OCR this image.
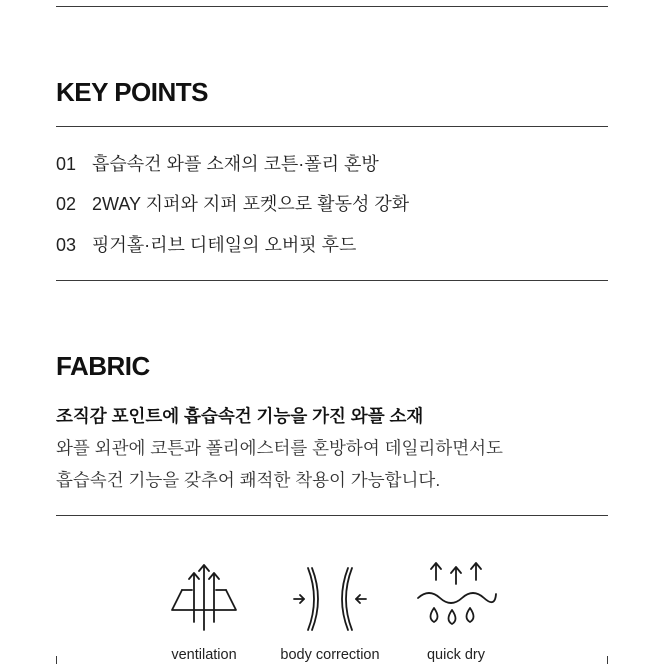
KEY POINTS
01 흡습속건 와플 소재의 코튼·폴리 혼방
02 2WAY 지퍼와 지퍼 포켓으로 활동성 강화
03 핑거홀·리브 디테일의 오버핏 후드
FABRIC
조직감 포인트에 흡습속건 기능을 가진 와플 소재
와플 외관에 코튼과 폴리에스터를 혼방하여 데일리하면서도
흡습속건 기능을 갖추어 쾌적한 착용이 가능합니다.
ventilation	body correction	quick dry
